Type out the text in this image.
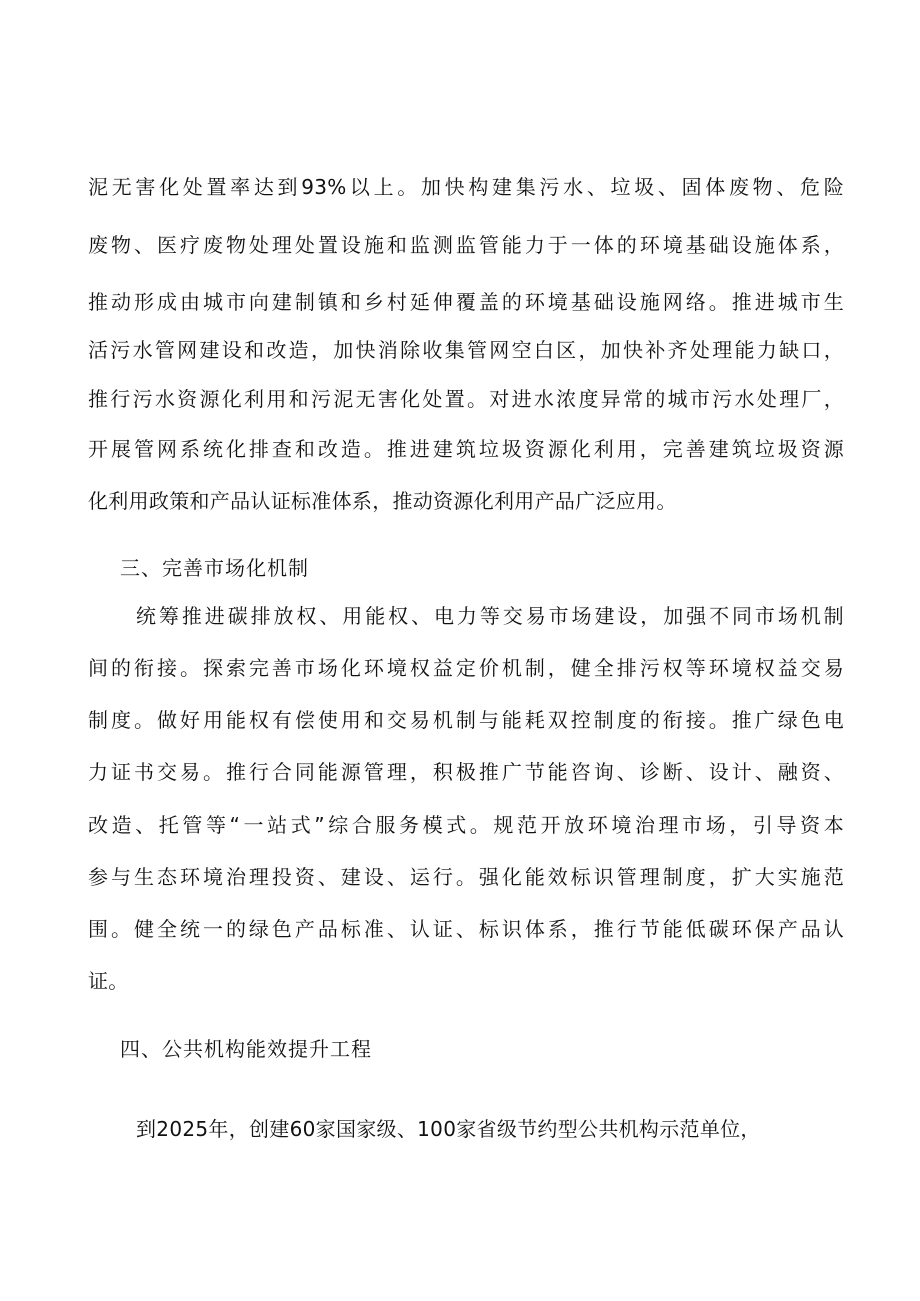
泥无害化处置率达到93%以上。加快构建集污水、垃圾、固体废物、危险
废物、医疗废物处理处置设施和监测监管能力于一体的环境基础设施体系，
推动形成由城市向建制镇和乡村延伸覆盖的环境基础设施网络。推进城市生
活污水管网建设和改造，加快消除收集管网空白区，加快补齐处理能力缺口，
推行污水资源化利用和污泥无害化处置。对进水浓度异常的城市污水处理厂，
开展管网系统化排查和改造。推进建筑垃圾资源化利用，完善建筑垃圾资源
化利用政策和产品认证标准体系，推动资源化利用产品广泛应用。
三、完善市场化机制
统筹推进碳排放权、用能权、电力等交易市场建设，加强不同市场机制
间的衔接。探索完善市场化环境权益定价机制，健全排污权等环境权益交易
制度。做好用能权有偿使用和交易机制与能耗双控制度的衔接。推广绿色电
力证书交易。推行合同能源管理，积极推广节能咨询、诊断、设计、融资、
改造、托管等“一站式”综合服务模式。规范开放环境治理市场，引导资本
参与生态环境治理投资、建设、运行。强化能效标识管理制度，扩大实施范
围。健全统一的绿色产品标准、认证、标识体系，推行节能低碳环保产品认
证。
四、公共机构能效提升工程
到2025年，创建60家国家级、100家省级节约型公共机构示范单位，
